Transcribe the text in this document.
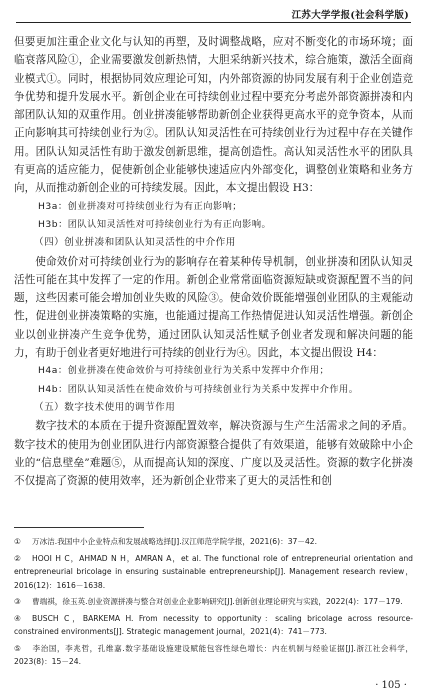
江苏大学学报(社会科学版)

但要更加注重企业文化与认知的再塑，及时调整战略，应对不断变化的市场环境；面临衰落风险①，企业需要激发创新热情，大胆采纳新兴技术，综合施策，激活全面商业模式①。同时，根据协同效应理论可知，内外部资源的协同发展有利于企业创造竞争优势和提升发展水平。新创企业在可持续创业过程中要充分考虑外部资源拼凑和内部团队认知的双重作用。创业拼凑能够帮助新创企业获得更高水平的竞争资本，从而正向影响其可持续创业行为②。团队认知灵活性在可持续创业行为过程中存在关键作用。团队认知灵活性有助于激发创新思维，提高创造性。高认知灵活性水平的团队具有更高的适应能力，促使新创企业能够快速适应内外部变化，调整创业策略和业务方向，从而推动新创企业的可持续发展。因此，本文提出假设 H3：

H3a：创业拼凑对可持续创业行为有正向影响；

H3b：团队认知灵活性对可持续创业行为有正向影响。

（四）创业拼凑和团队认知灵活性的中介作用

使命效价对可持续创业行为的影响存在着某种传导机制，创业拼凑和团队认知灵活性可能在其中发挥了一定的作用。新创企业常常面临资源短缺或资源配置不当的问题，这些因素可能会增加创业失败的风险③。使命效价既能增强创业团队的主观能动性，促进创业拼凑策略的实施，也能通过提高工作热情促进认知灵活性增强。新创企业以创业拼凑产生竞争优势，通过团队认知灵活性赋予创业者发现和解决问题的能力，有助于创业者更好地进行可持续的创业行为④。因此，本文提出假设 H4：

H4a：创业拼凑在使命效价与可持续创业行为关系中发挥中介作用；

H4b：团队认知灵活性在使命效价与可持续创业行为关系中发挥中介作用。

（五）数字技术使用的调节作用

数字技术的本质在于提升资源配置效率，解决资源与生产生活需求之间的矛盾。数字技术的使用为创业团队进行内部资源整合提供了有效渠道，能够有效破除中小企业的“信息壁垒”难题⑤，从而提高认知的深度、广度以及灵活性。资源的数字化拼凑不仅提高了资源的使用效率，还为新创企业带来了更大的灵活性和创

① 万冰洁.我国中小企业特点和发展战略选择[J].汉江师范学院学报，2021(6)：37－42.

② HOOI H C，AHMAD N H，AMRAN A，et al. The functional role of entrepreneurial orientation and entrepreneurial bricolage in ensuring sustainable entrepreneurship[J]. Management research review，2016(12)：1616－1638.

③ 曹端祺，徐玉英.创业资源拼凑与整合对创业企业影响研究[J].创新创业理论研究与实践，2022(4)：177－179.

④ BUSCH C，BARKEMA H. From necessity to opportunity：scaling bricolage across resource-constrained environments[J]. Strategic management journal，2021(4)：741－773.

⑤ 李治国，李兆哲，孔维嘉.数字基础设施建设赋能包容性绿色增长：内在机制与经验证据[J].浙江社会科学，2023(8)：15－24.

· 105 ·
